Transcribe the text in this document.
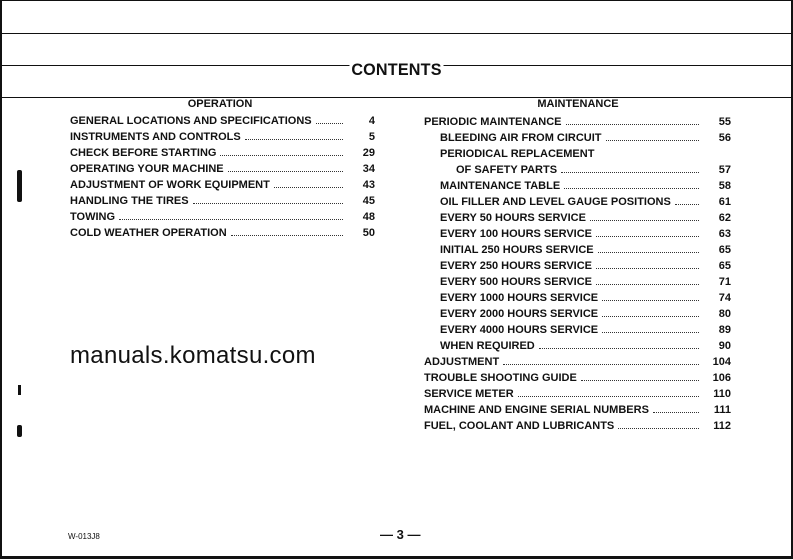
CONTENTS
OPERATION	MAINTENANCE
GENERAL LOCATIONS AND SPECIFICATIONS	4
INSTRUMENTS AND CONTROLS	5
CHECK BEFORE STARTING	29
OPERATING YOUR MACHINE	34
ADJUSTMENT OF WORK EQUIPMENT	43
HANDLING THE TIRES	45
TOWING	48
COLD WEATHER OPERATION	50
PERIODIC MAINTENANCE	55
BLEEDING AIR FROM CIRCUIT	56
PERIODICAL REPLACEMENT
OF SAFETY PARTS	57
MAINTENANCE TABLE	58
OIL FILLER AND LEVEL GAUGE POSITIONS	61
EVERY 50 HOURS SERVICE	62
EVERY 100 HOURS SERVICE	63
INITIAL 250 HOURS SERVICE	65
EVERY 250 HOURS SERVICE	65
EVERY 500 HOURS SERVICE	71
EVERY 1000 HOURS SERVICE	74
EVERY 2000 HOURS SERVICE	80
EVERY 4000 HOURS SERVICE	89
WHEN REQUIRED	90
ADJUSTMENT	104
TROUBLE SHOOTING GUIDE	106
SERVICE METER	110
MACHINE AND ENGINE SERIAL NUMBERS	111
FUEL, COOLANT AND LUBRICANTS	112
manuals.komatsu.com
W-013J8	— 3 —
